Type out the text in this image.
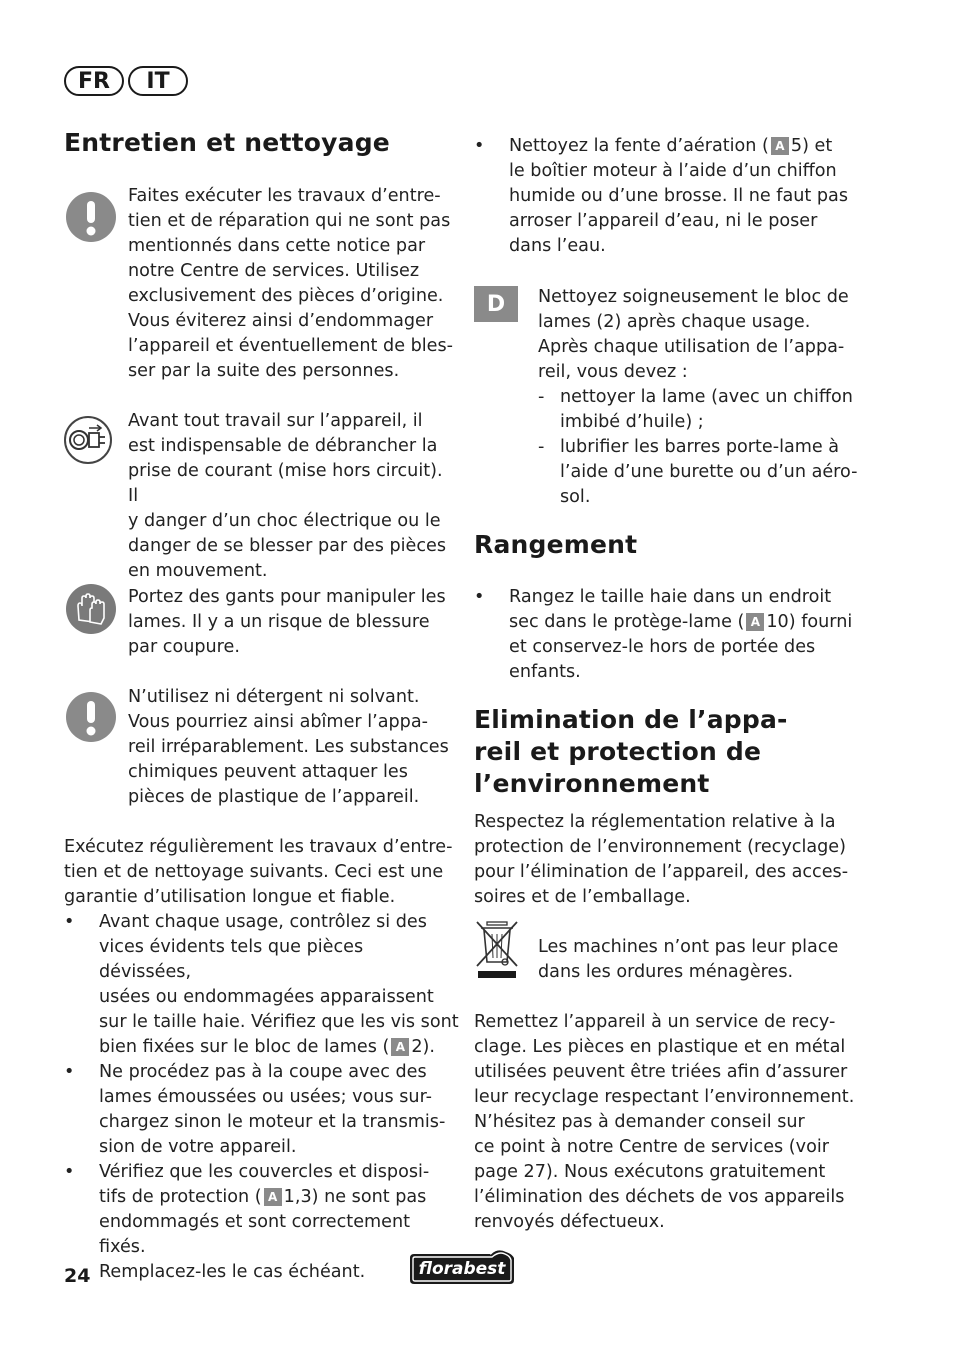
FR	IT
Entretien et nettoyage

Faites exécuter les travaux d’entre-

tien et de réparation qui ne sont pas

mentionnés dans cette notice par

notre Centre de services. Utilisez

exclusivement des pièces d’origine.

Vous éviterez ainsi d’endommager

l’appareil et éventuellement de bles-

ser par la suite des personnes.

Avant tout travail sur l’appareil, il

est indispensable de débrancher la

prise de courant (mise hors circuit). Il

y danger d’un choc électrique ou le

danger de se blesser par des pièces

en mouvement.

Portez des gants pour manipuler les

lames. Il y a un risque de blessure

par coupure.

N’utilisez ni détergent ni solvant.

Vous pourriez ainsi abîmer l’appa-

reil irréparablement. Les substances

chimiques peuvent attaquer les

pièces de plastique de l’appareil.

Exécutez régulièrement les travaux d’entre-

tien et de nettoyage suivants. Ceci est une

garantie d’utilisation longue et fiable.

•	Avant chaque usage, contrôlez si des

vices évidents tels que pièces dévissées,

usées ou endommagées apparaissent

sur le taille haie. Vérifiez que les vis sont

bien fixées sur le bloc de lames ( A 2).

•	Ne procédez pas à la coupe avec des

lames émoussées ou usées; vous sur-

chargez sinon le moteur et la transmis-

sion de votre appareil.

•	Vérifiez que les couvercles et disposi-

tifs de protection ( A 1,3) ne sont pas

endommagés et sont correctement fixés.

Remplacez-les le cas échéant.

•	Nettoyez la fente d’aération ( A 5) et

le boîtier moteur à l’aide d’un chiffon

humide ou d’une brosse. Il ne faut pas

arroser l’appareil d’eau, ni le poser

dans l’eau.

D	Nettoyez soigneusement le bloc de

lames (2) après chaque usage.

Après chaque utilisation de l’appa-

reil, vous devez :

- nettoyer la lame (avec un chiffon

imbibé d’huile) ;

- lubrifier les barres porte-lame à

l’aide d’une burette ou d’un aéro-

sol.

Rangement
•	Rangez le taille haie dans un endroit

sec dans le protège-lame ( A 10) fourni

et conservez-le hors de portée des

enfants.

Elimination de l’appa-
reil et protection de
l’environnement

Respectez la réglementation relative à la

protection de l’environnement (recyclage)

pour l’élimination de l’appareil, des acces-

soires et de l’emballage.

Les machines n’ont pas leur place

dans les ordures ménagères.

Remettez l’appareil à un service de recy-

clage. Les pièces en plastique et en métal

utilisées peuvent être triées afin d’assurer

leur recyclage respectant l’environnement.

N’hésitez pas à demander conseil sur

ce point à notre Centre de services (voir

page 27). Nous exécutons gratuitement

l’élimination des déchets de vos appareils

renvoyés défectueux.

24	florabest
